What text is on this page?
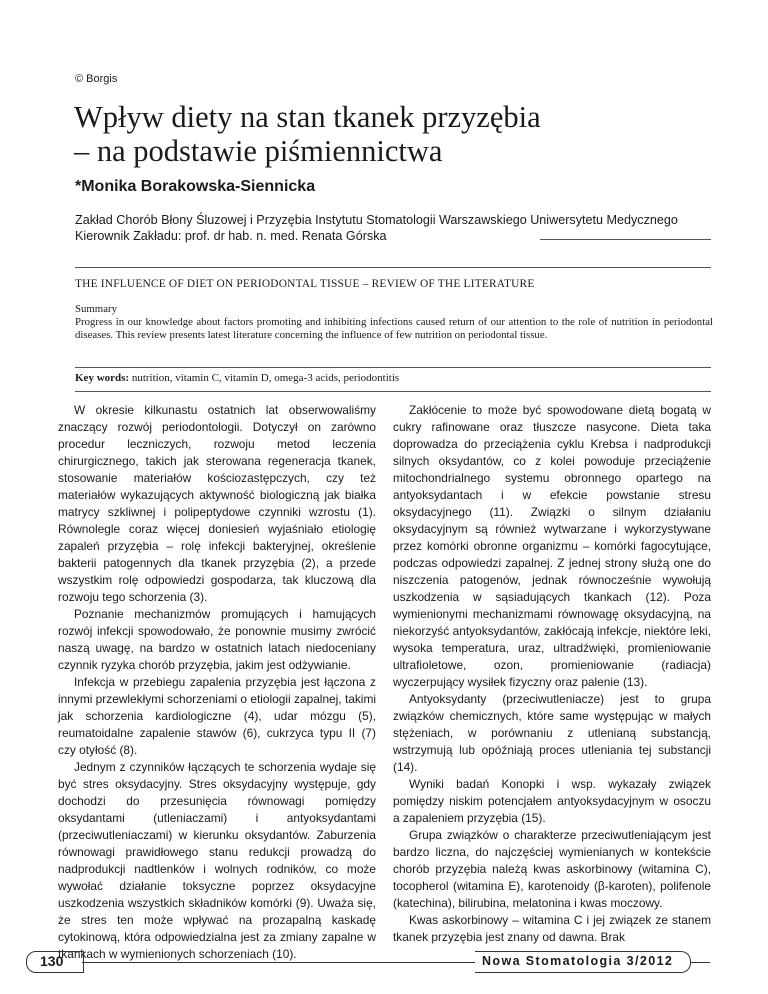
© Borgis
Wpływ diety na stan tkanek przyzębia
– na podstawie piśmiennictwa
*Monika Borakowska-Siennicka
Zakład Chorób Błony Śluzowej i Przyzębia Instytutu Stomatologii Warszawskiego Uniwersytetu Medycznego
Kierownik Zakładu: prof. dr hab. n. med. Renata Górska
THE INFLUENCE OF DIET ON PERIODONTAL TISSUE – REVIEW OF THE LITERATURE
Summary
Progress in our knowledge about factors promoting and inhibiting infections caused return of our attention to the role of nutrition in periodontal diseases. This review presents latest literature concerning the influence of few nutrition on periodontal tissue.
Key words: nutrition, vitamin C, vitamin D, omega-3 acids, periodontitis

W okresie kilkunastu ostatnich lat obserwowaliśmy znaczący rozwój periodontologii. Dotyczył on zarówno procedur leczniczych, rozwoju metod leczenia chirurgicznego, takich jak sterowana regeneracja tkanek, stosowanie materiałów kościozastępczych, czy też materiałów wykazujących aktywność biologiczną jak białka matrycy szkliwnej i polipeptydowe czynniki wzrostu (1). Równolegle coraz więcej doniesień wyjaśniało etiologię zapaleń przyzębia – rolę infekcji bakteryjnej, określenie bakterii patogennych dla tkanek przyzębia (2), a przede wszystkim rolę odpowiedzi gospodarza, tak kluczową dla rozwoju tego schorzenia (3).

Poznanie mechanizmów promujących i hamujących rozwój infekcji spowodowało, że ponownie musimy zwrócić naszą uwagę, na bardzo w ostatnich latach niedoceniany czynnik ryzyka chorób przyzębia, jakim jest odżywianie.

Infekcja w przebiegu zapalenia przyzębia jest łączona z innymi przewlekłymi schorzeniami o etiologii zapalnej, takimi jak schorzenia kardiologiczne (4), udar mózgu (5), reumatoidalne zapalenie stawów (6), cukrzyca typu II (7) czy otyłość (8).

Jednym z czynników łączących te schorzenia wydaje się być stres oksydacyjny. Stres oksydacyjny występuje, gdy dochodzi do przesunięcia równowagi pomiędzy oksydantami (utleniaczami) i antyoksydantami (przeciwutleniaczami) w kierunku oksydantów. Zaburzenia równowagi prawidłowego stanu redukcji prowadzą do nadprodukcji nadtlenków i wolnych rodników, co może wywołać działanie toksyczne poprzez oksydacyjne uszkodzenia wszystkich składników komórki (9). Uważa się, że stres ten może wpływać na prozapalną kaskadę cytokinową, która odpowiedzialna jest za zmiany zapalne w tkankach w wymienionych schorzeniach (10).

Zakłócenie to może być spowodowane dietą bogatą w cukry rafinowane oraz tłuszcze nasycone. Dieta taka doprowadza do przeciążenia cyklu Krebsa i nadprodukcji silnych oksydantów, co z kolei powoduje przeciążenie mitochondrialnego systemu obronnego opartego na antyoksydantach i w efekcie powstanie stresu oksydacyjnego (11). Związki o silnym działaniu oksydacyjnym są również wytwarzane i wykorzystywane przez komórki obronne organizmu – komórki fagocytujące, podczas odpowiedzi zapalnej. Z jednej strony służą one do niszczenia patogenów, jednak równocześnie wywołują uszkodzenia w sąsiadujących tkankach (12). Poza wymienionymi mechanizmami równowagę oksydacyjną, na niekorzyść antyoksydantów, zakłócają infekcje, niektóre leki, wysoka temperatura, uraz, ultradźwięki, promieniowanie ultrafioletowe, ozon, promieniowanie (radiacja) wyczerpujący wysiłek fizyczny oraz palenie (13).

Antyoksydanty (przeciwutleniacze) jest to grupa związków chemicznych, które same występując w małych stężeniach, w porównaniu z utlenianą substancją, wstrzymują lub opóźniają proces utleniania tej substancji (14).

Wyniki badań Konopki i wsp. wykazały związek pomiędzy niskim potencjałem antyoksydacyjnym w osoczu a zapaleniem przyzębia (15).

Grupa związków o charakterze przeciwutleniającym jest bardzo liczna, do najczęściej wymienianych w kontekście chorób przyzębia należą kwas askorbinowy (witamina C), tocopherol (witamina E), karotenoidy (β-karoten), polifenole (katechina), bilirubina, melatonina i kwas moczowy.

Kwas askorbinowy – witamina C i jej związek ze stanem tkanek przyzębia jest znany od dawna. Brak

130	Nowa Stomatologia 3/2012
